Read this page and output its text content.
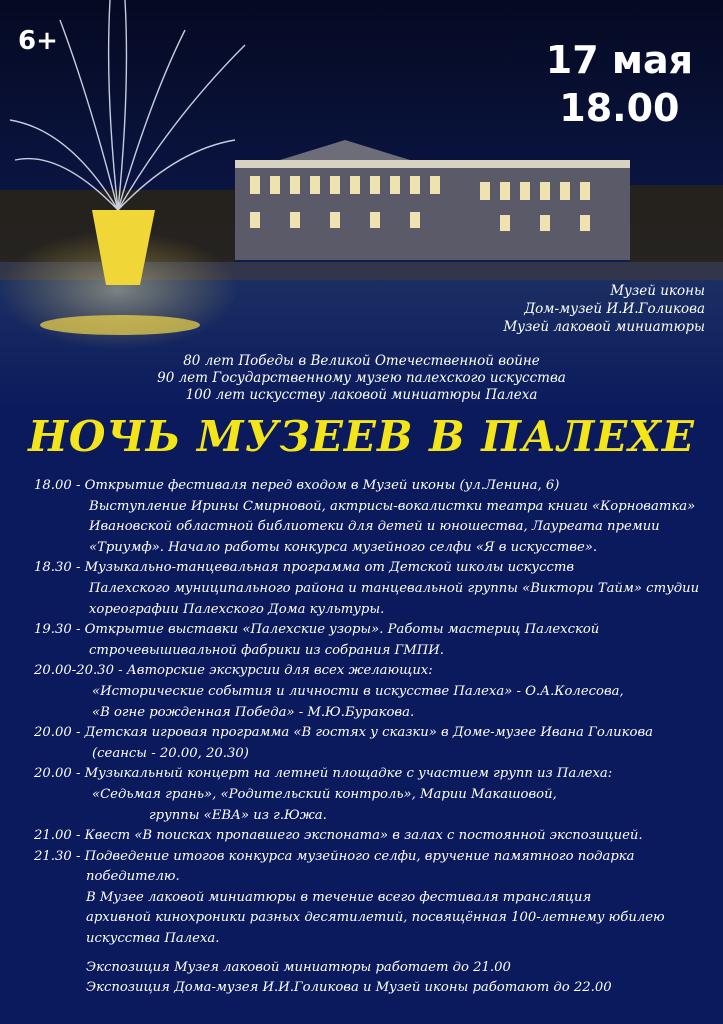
6+	17 мая
18.00
Музей иконы
Дом-музей И.И.Голикова
Музей лаковой миниатюры
80 лет Победы в Великой Отечественной войне
90 лет Государственному музею палехского искусства
100 лет искусству лаковой миниатюры Палеха
НОЧЬ МУЗЕЕВ В ПАЛЕХЕ
18.00 - Открытие фестиваля перед входом в Музей иконы (ул.Ленина, 6)
Выступление Ирины Смирновой, актрисы-вокалистки театра книги «Корноватка»
Ивановской областной библиотеки для детей и юношества, Лауреата премии
«Триумф». Начало работы конкурса музейного селфи «Я в искусстве».
18.30 - Музыкально-танцевальная программа от Детской школы искусств
Палехского муниципального района и танцевальной группы «Виктори Тайм» студии
хореографии Палехского Дома культуры.
19.30 - Открытие выставки «Палехские узоры». Работы мастериц Палехской
строчевышивальной фабрики из собрания ГМПИ.
20.00-20.30 - Авторские экскурсии для всех желающих:
«Исторические события и личности в искусстве Палеха» - О.А.Колесова,
«В огне рожденная Победа» - М.Ю.Буракова.
20.00 - Детская игровая программа «В гостях у сказки» в Доме-музее Ивана Голикова
(сеансы - 20.00, 20.30)
20.00 - Музыкальный концерт на летней площадке с участием групп из Палеха:
«Седьмая грань», «Родительский контроль», Марии Макашовой,
группы «ЕВА» из г.Южа.
21.00 - Квест «В поисках пропавшего экспоната» в залах с постоянной экспозицией.
21.30 - Подведение итогов конкурса музейного селфи, вручение памятного подарка
победителю.
В Музее лаковой миниатюры в течение всего фестиваля трансляция
архивной кинохроники разных десятилетий, посвящённая 100-летнему юбилею
искусства Палеха.
Экспозиция Музея лаковой миниатюры работает до 21.00
Экспозиция Дома-музея И.И.Голикова и Музей иконы работают до 22.00
